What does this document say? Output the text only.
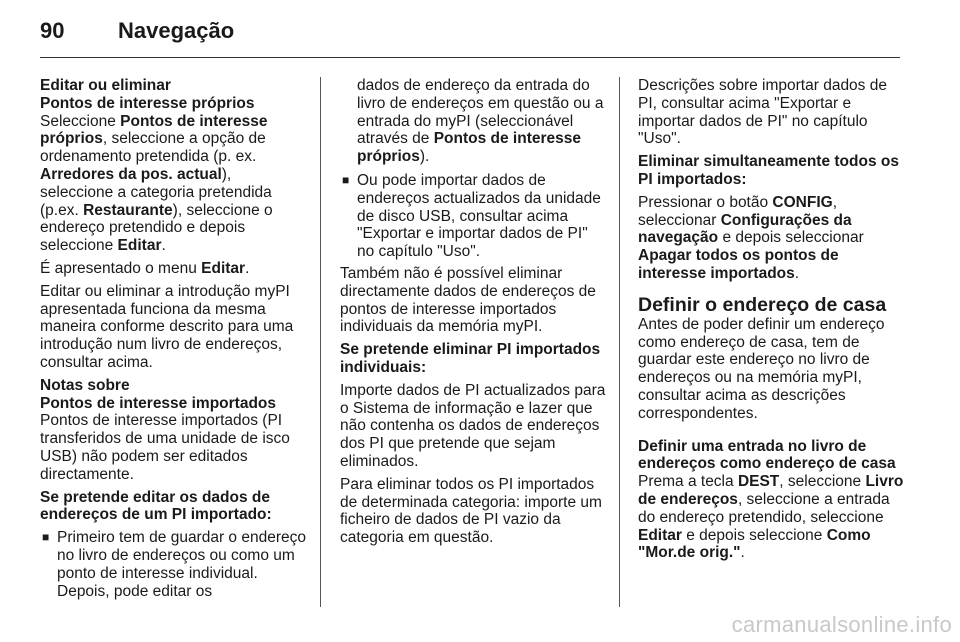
90 Navegação

Editar ou eliminar

Pontos de interesse próprios

Seleccione Pontos de interesse próprios, seleccione a opção de ordenamento pretendida (p. ex. Arredores da pos. actual), seleccione a categoria pretendida (p.ex. Restaurante), seleccione o endereço pretendido e depois seleccione Editar.

É apresentado o menu Editar.

Editar ou eliminar a introdução myPI apresentada funciona da mesma maneira conforme descrito para uma introdução num livro de endereços, consultar acima.

Notas sobre

Pontos de interesse importados

Pontos de interesse importados (PI transferidos de uma unidade de isco USB) não podem ser editados directamente.

Se pretende editar os dados de endereços de um PI importado:

■ Primeiro tem de guardar o endereço no livro de endereços ou como um ponto de interesse individual. Depois, pode editar os
dados de endereço da entrada do livro de endereços em questão ou a entrada do myPI (seleccionável através de Pontos de interesse próprios).
■ Ou pode importar dados de endereços actualizados da unidade de disco USB, consultar acima "Exportar e importar dados de PI" no capítulo "Uso".

Também não é possível eliminar directamente dados de endereços de pontos de interesse importados individuais da memória myPI.

Se pretende eliminar PI importados individuais:

Importe dados de PI actualizados para o Sistema de informação e lazer que não contenha os dados de endereços dos PI que pretende que sejam eliminados.

Para eliminar todos os PI importados de determinada categoria: importe um ficheiro de dados de PI vazio da categoria em questão.

Descrições sobre importar dados de PI, consultar acima "Exportar e importar dados de PI" no capítulo "Uso".

Eliminar simultaneamente todos os PI importados:

Pressionar o botão CONFIG, seleccionar Configurações da navegação e depois seleccionar Apagar todos os pontos de interesse importados.

Definir o endereço de casa

Antes de poder definir um endereço como endereço de casa, tem de guardar este endereço no livro de endereços ou na memória myPI, consultar acima as descrições correspondentes.

Definir uma entrada no livro de endereços como endereço de casa

Prema a tecla DEST, seleccione Livro de endereços, seleccione a entrada do endereço pretendido, seleccione Editar e depois seleccione Como "Mor.de orig.".

carmanualsonline.info
